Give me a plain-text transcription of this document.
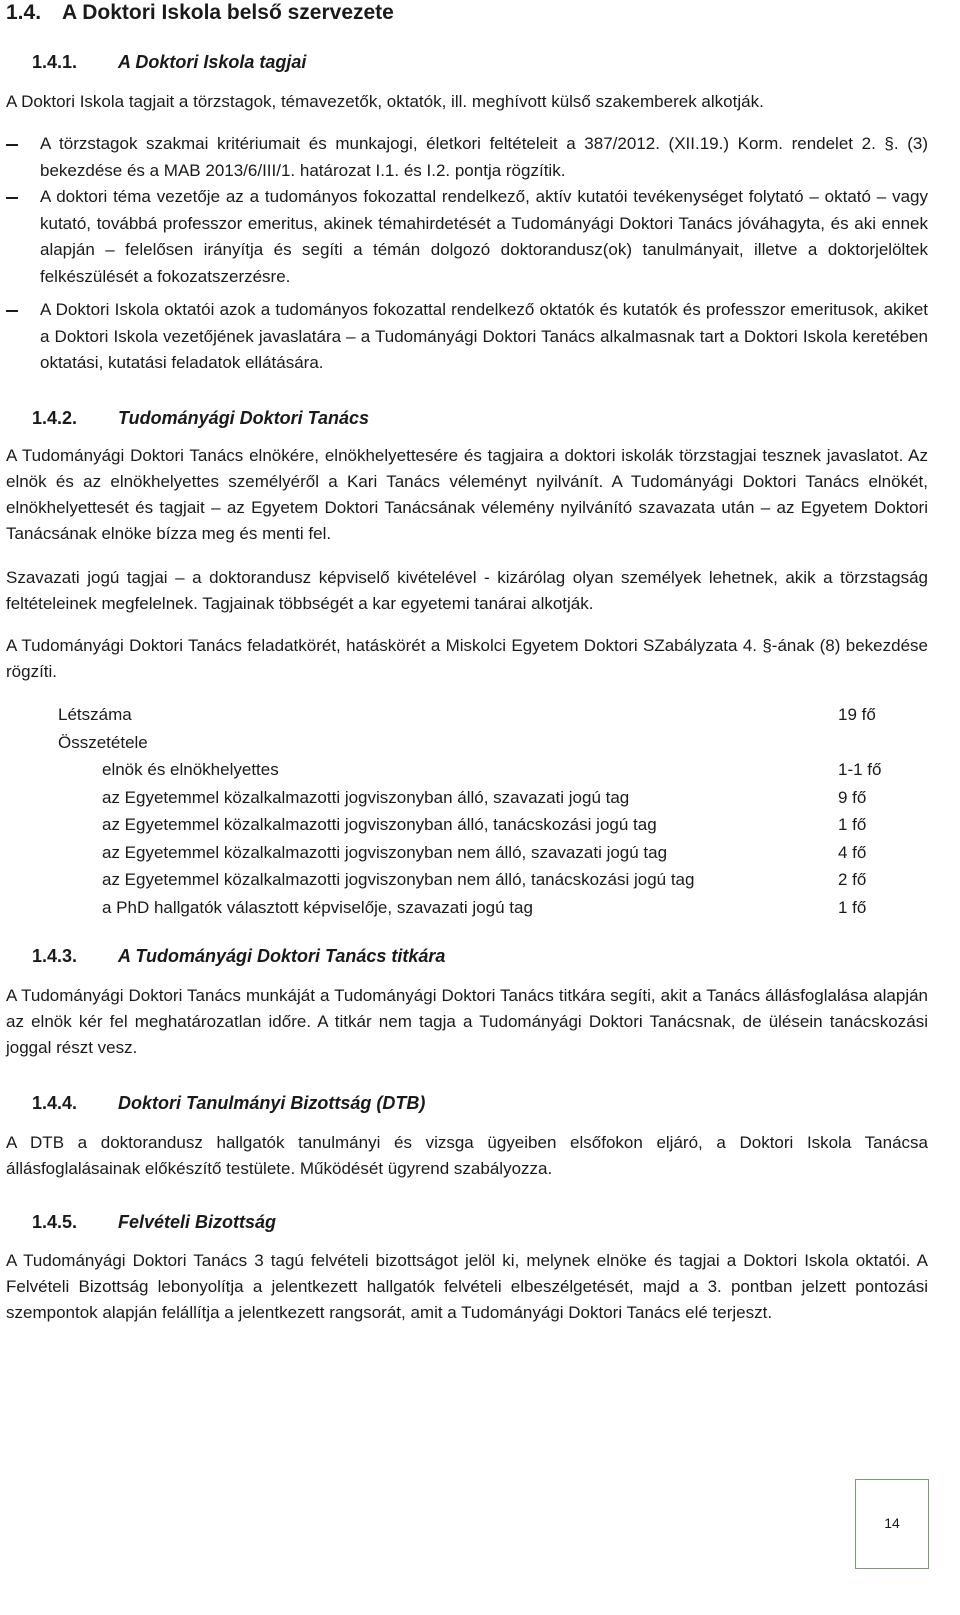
1.4. A Doktori Iskola belső szervezete
1.4.1. A Doktori Iskola tagjai

A Doktori Iskola tagjait a törzstagok, témavezetők, oktatók, ill. meghívott külső szakemberek alkotják.

A törzstagok szakmai kritériumait és munkajogi, életkori feltételeit a 387/2012. (XII.19.) Korm. rendelet 2. §. (3) bekezdése és a MAB 2013/6/III/1. határozat I.1. és I.2. pontja rögzítik.
A doktori téma vezetője az a tudományos fokozattal rendelkező, aktív kutatói tevékenységet folytató – oktató – vagy kutató, továbbá professzor emeritus, akinek témahirdetését a Tudományági Doktori Tanács jóváhagyta, és aki ennek alapján – felelősen irányítja és segíti a témán dolgozó doktorandusz(ok) tanulmányait, illetve a doktorjelöltek felkészülését a fokozatszerzésre.
A Doktori Iskola oktatói azok a tudományos fokozattal rendelkező oktatók és kutatók és professzor emeritusok, akiket a Doktori Iskola vezetőjének javaslatára – a Tudományági Doktori Tanács alkalmasnak tart a Doktori Iskola keretében oktatási, kutatási feladatok ellátására.
1.4.2. Tudományági Doktori Tanács

A Tudományági Doktori Tanács elnökére, elnökhelyettesére és tagjaira a doktori iskolák törzstagjai tesznek javaslatot. Az elnök és az elnökhelyettes személyéről a Kari Tanács véleményt nyilvánít. A Tudományági Doktori Tanács elnökét, elnökhelyettesét és tagjait – az Egyetem Doktori Tanácsának vélemény nyilvánító szavazata után – az Egyetem Doktori Tanácsának elnöke bízza meg és menti fel.

Szavazati jogú tagjai – a doktorandusz képviselő kivételével - kizárólag olyan személyek lehetnek, akik a törzstagság feltételeinek megfelelnek. Tagjainak többségét a kar egyetemi tanárai alkotják.

A Tudományági Doktori Tanács feladatkörét, hatáskörét a Miskolci Egyetem Doktori SZabályzata 4. §-ának (8) bekezdése rögzíti.

Létszáma	19 fő
Összetétele
elnök és elnökhelyettes	1-1 fő
az Egyetemmel közalkalmazotti jogviszonyban álló, szavazati jogú tag	9 fő
az Egyetemmel közalkalmazotti jogviszonyban álló, tanácskozási jogú tag	1 fő
az Egyetemmel közalkalmazotti jogviszonyban nem álló, szavazati jogú tag	4 fő
az Egyetemmel közalkalmazotti jogviszonyban nem álló, tanácskozási jogú tag	2 fő
a PhD hallgatók választott képviselője, szavazati jogú tag	1 fő
1.4.3. A Tudományági Doktori Tanács titkára

A Tudományági Doktori Tanács munkáját a Tudományági Doktori Tanács titkára segíti, akit a Tanács állásfoglalása alapján az elnök kér fel meghatározatlan időre. A titkár nem tagja a Tudományági Doktori Tanácsnak, de ülésein tanácskozási joggal részt vesz.

1.4.4. Doktori Tanulmányi Bizottság (DTB)

A DTB a doktorandusz hallgatók tanulmányi és vizsga ügyeiben elsőfokon eljáró, a Doktori Iskola Tanácsa állásfoglalásainak előkészítő testülete. Működését ügyrend szabályozza.

1.4.5. Felvételi Bizottság

A Tudományági Doktori Tanács 3 tagú felvételi bizottságot jelöl ki, melynek elnöke és tagjai a Doktori Iskola oktatói. A Felvételi Bizottság lebonyolítja a jelentkezett hallgatók felvételi elbeszélgetését, majd a 3. pontban jelzett pontozási szempontok alapján felállítja a jelentkezett rangsorát, amit a Tudományági Doktori Tanács elé terjeszt.

14
